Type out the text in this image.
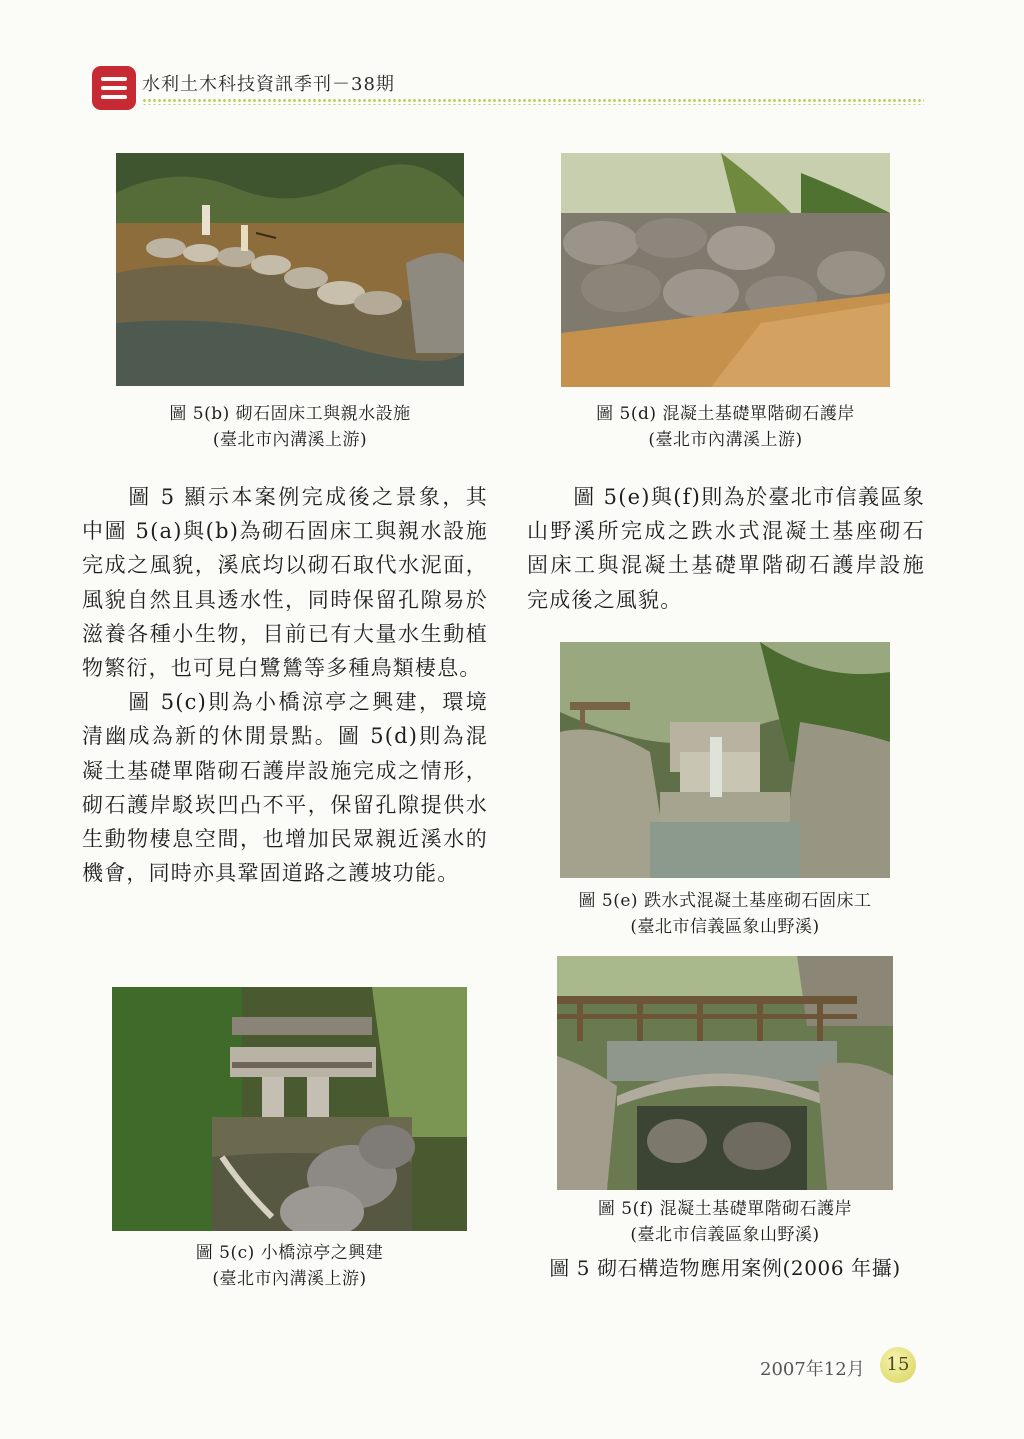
水利土木科技資訊季刊－38期
圖 5(b) 砌石固床工與親水設施
(臺北市內溝溪上游)
圖 5(d) 混凝土基礎單階砌石護岸
(臺北市內溝溪上游)

圖 5 顯示本案例完成後之景象，其中圖 5(a)與(b)為砌石固床工與親水設施完成之風貌，溪底均以砌石取代水泥面，風貌自然且具透水性，同時保留孔隙易於滋養各種小生物，目前已有大量水生動植物繁衍，也可見白鷺鷥等多種鳥類棲息。

圖 5(c)則為小橋涼亭之興建，環境清幽成為新的休閒景點。圖 5(d)則為混凝土基礎單階砌石護岸設施完成之情形，砌石護岸駁崁凹凸不平，保留孔隙提供水生動物棲息空間，也增加民眾親近溪水的機會，同時亦具鞏固道路之護坡功能。

圖 5(e)與(f)則為於臺北市信義區象山野溪所完成之跌水式混凝土基座砌石固床工與混凝土基礎單階砌石護岸設施完成後之風貌。

圖 5(e) 跌水式混凝土基座砌石固床工
(臺北市信義區象山野溪)
圖 5(c) 小橋涼亭之興建
(臺北市內溝溪上游)
圖 5(f) 混凝土基礎單階砌石護岸
(臺北市信義區象山野溪)
圖 5 砌石構造物應用案例(2006 年攝)
2007年12月	15
